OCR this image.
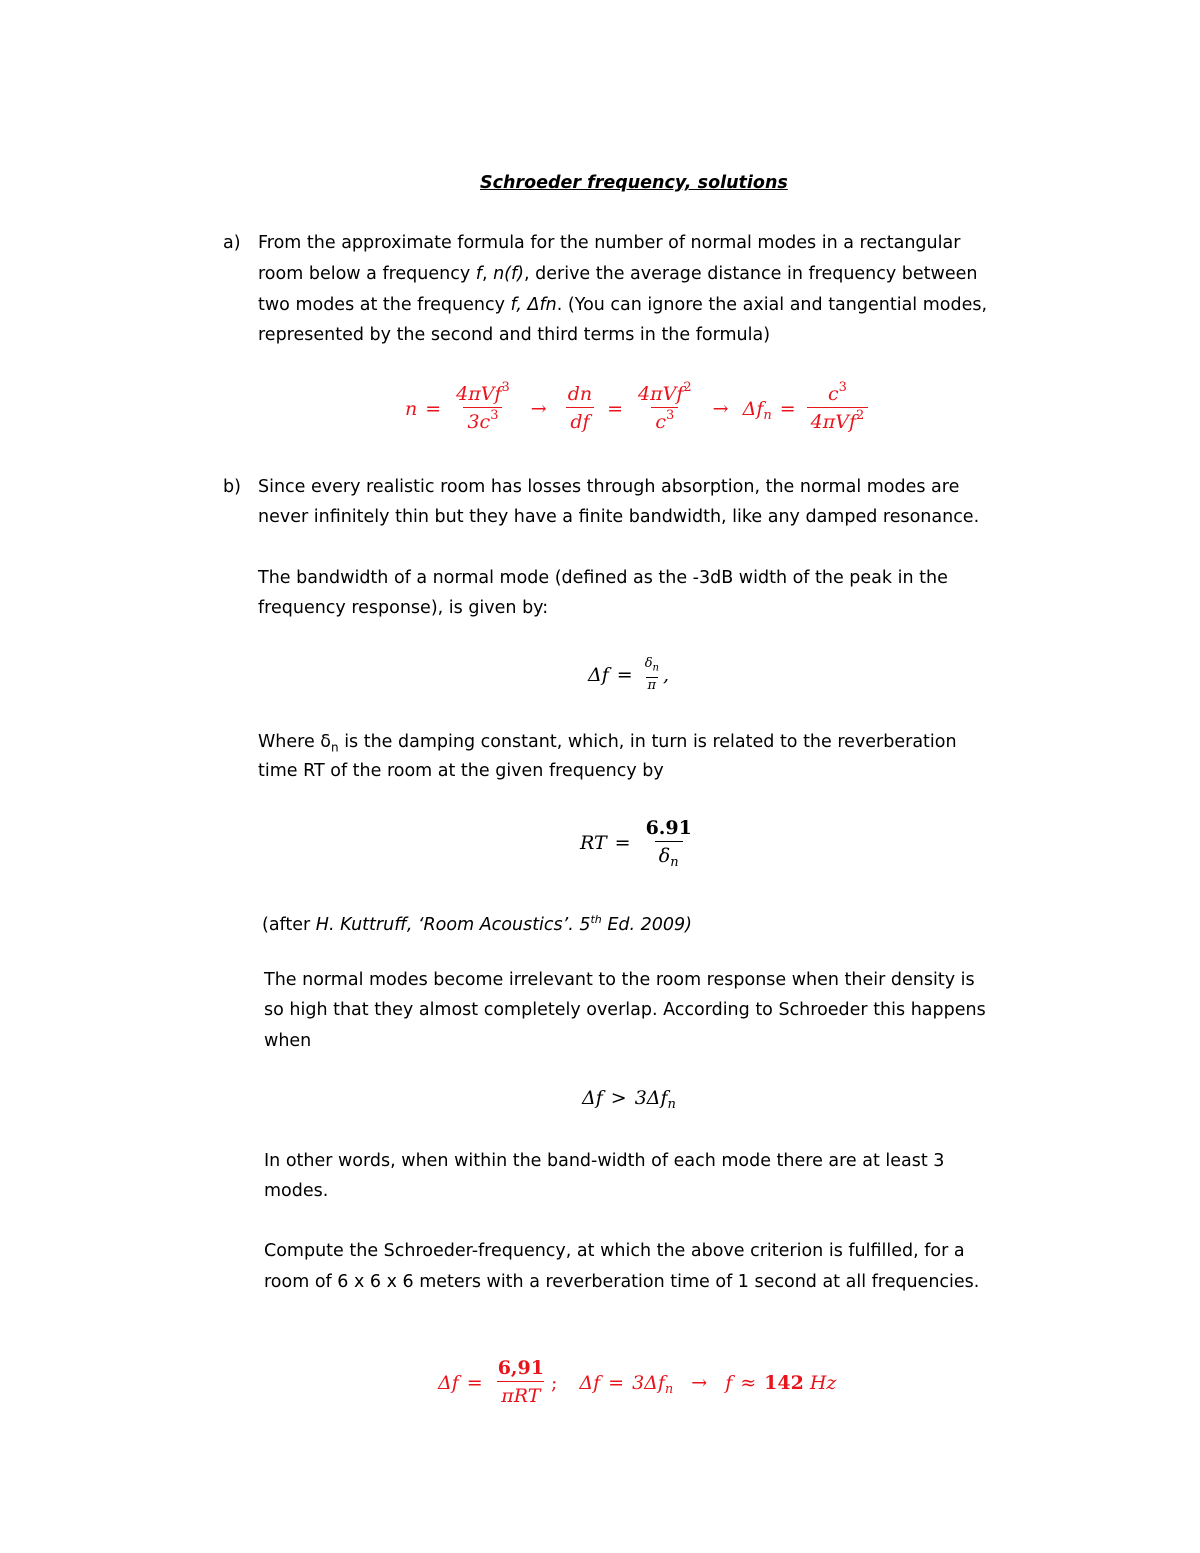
Schroeder frequency, solutions
a) From the approximate formula for the number of normal modes in a rectangular
room below a frequency f, n(f), derive the average distance in frequency between
two modes at the frequency f, Δfn. (You can ignore the axial and tangential modes,
represented by the second and third terms in the formula)
$n = \frac{4\pi Vf^3}{3c^3} \to \frac{dn}{df} = \frac{4\pi Vf^2}{c^3} \to \Delta f_n = \frac{c^3}{4\pi Vf^2}$
b) Since every realistic room has losses through absorption, the normal modes are
never infinitely thin but they have a finite bandwidth, like any damped resonance.
The bandwidth of a normal mode (defined as the -3dB width of the peak in the
frequency response), is given by:
$\Delta f = \frac{\delta_n}{\pi}$ ,
Where $\delta_n$ is the damping constant, which, in turn is related to the reverberation
time RT of the room at the given frequency by
RT = $\frac{6.91}{\delta_n}$
(after H. Kuttruff, ‘Room Acoustics’. 5th Ed. 2009)
The normal modes become irrelevant to the room response when their density is
so high that they almost completely overlap. According to Schroeder this happens
when
$\Delta f > 3\Delta f_n$
In other words, when within the band-width of each mode there are at least 3
modes.
Compute the Schroeder-frequency, at which the above criterion is fulfilled, for a
room of 6 x 6 x 6 meters with a reverberation time of 1 second at all frequencies.
$\Delta f = \frac{6,91}{\text{πRT}}$ ; $\Delta f = 3\Delta f_n \to f \approx 142$ Hz
